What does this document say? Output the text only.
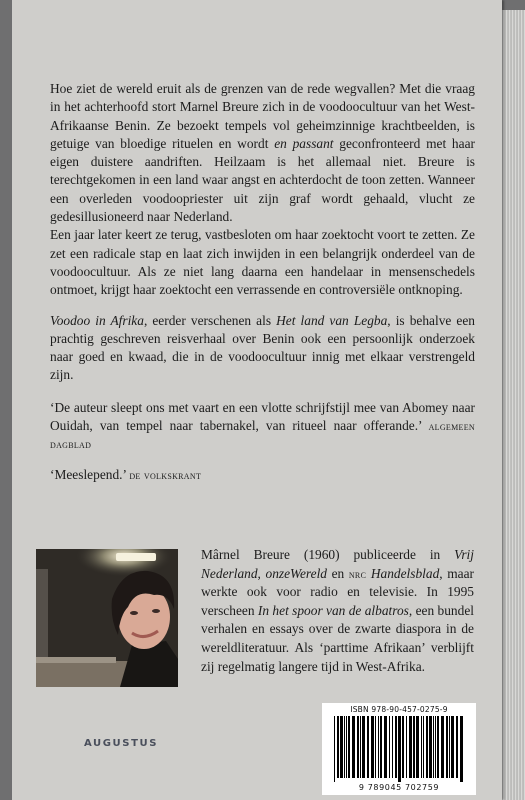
Hoe ziet de wereld eruit als de grenzen van de rede wegvallen? Met die vraag in het achterhoofd stort Marnel Breure zich in de voodoocultuur van het West-Afrikaanse Benin. Ze bezoekt tempels vol geheimzinnige krachtbeelden, is getuige van bloedige rituelen en wordt en passant geconfronteerd met haar eigen duistere aandriften. Heilzaam is het allemaal niet. Breure is terechtgekomen in een land waar angst en achterdocht de toon zetten. Wanneer een overleden voodoopriester uit zijn graf wordt gehaald, vlucht ze gedesillusioneerd naar Nederland.

Een jaar later keert ze terug, vastbesloten om haar zoektocht voort te zetten. Ze zet een radicale stap en laat zich inwijden in een belangrijk onderdeel van de voodoocultuur. Als ze niet lang daarna een handelaar in mensenschedels ontmoet, krijgt haar zoektocht een verrassende en controversiële ontknoping.

Voodoo in Afrika, eerder verschenen als Het land van Legba, is behalve een prachtig geschreven reisverhaal over Benin ook een persoonlijk onderzoek naar goed en kwaad, die in de voodoocultuur innig met elkaar verstrengeld zijn.

‘De auteur sleept ons met vaart en een vlotte schrijfstijl mee van Abomey naar Ouidah, van tempel naar tabernakel, van ritueel naar offerande.’ algemeen dagblad

‘Meeslepend.’ de volkskrant

Mârnel Breure (1960) publiceerde in Vrij Nederland, onzeWereld en nrc Handelsblad, maar werkte ook voor radio en televisie. In 1995 verscheen In het spoor van de albatros, een bundel verhalen en essays over de zwarte diaspora in de wereldliteratuur. Als ‘parttime Afrikaan’ verblijft zij regelmatig langere tijd in West-Afrika.
AUGUSTUS
ISBN 978-90-457-0275-9
9 789045 702759
